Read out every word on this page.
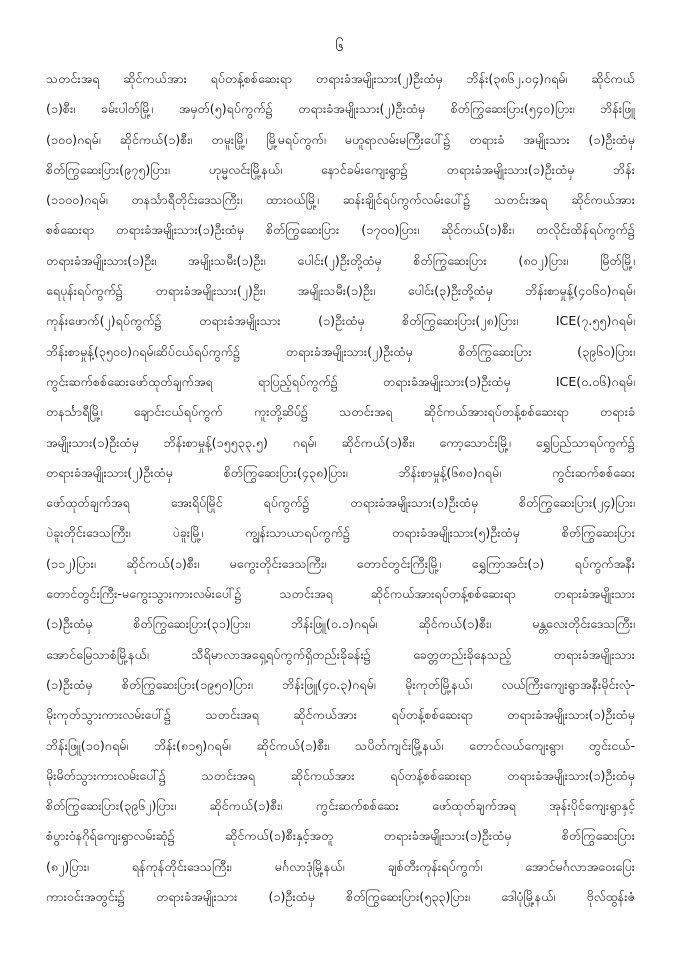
၆
သတင်းအရ ဆိုင်ကယ်အား ရပ်တန့်စစ်ဆေးရာ တရားခံအမျိုးသား(၂)ဦးထံမှ ဘိန်း(၃၈၆၂.၀၄)ဂရမ်၊ ဆိုင်ကယ်
(၁)စီး၊ ခမ်းပါတ်မြို့၊ အမှတ်(၅)ရပ်ကွက်၌ တရားခံအမျိုးသား(၂)ဦးထံမှ စိတ်ကြွဆေးပြား(၅၄၀)ပြား၊ ဘိန်းဖြူ
(၁၀၀)ဂရမ်၊ ဆိုင်ကယ်(၁)စီး၊ တမူးမြို့၊ မြို့မရပ်ကွက်၊ မဟူရာလမ်းမကြီးပေါ်၌ တရားခံ အမျိုးသား (၁)ဦးထံမှ
စိတ်ကြွဆေးပြား(၉၇၅)ပြား၊ ဟုမ္မလင်းမြို့နယ်၊ နောင်ခမ်းကျေးရွာ၌ တရားခံအမျိုးသား(၁)ဦးထံမှ ဘိန်း
(၁၁၀၀)ဂရမ်၊ တနင်္သာရီတိုင်းဒေသကြီး၊ ထားဝယ်မြို့၊ ဆန်းချိုင်ရပ်ကွက်လမ်းပေါ်၌ သတင်းအရ ဆိုင်ကယ်အား
စစ်ဆေးရာ တရားခံအမျိုးသား(၁)ဦးထံမှ စိတ်ကြွဆေးပြား (၁၇၀၀)ပြား၊ ဆိုင်ကယ်(၁)စီး၊ တလိုင်းထိန်ရပ်ကွက်၌
တရားခံအမျိုးသား(၁)ဦး၊ အမျိုးသမီး(၁)ဦး၊ ပေါင်း(၂)ဦးတို့ထံမှ စိတ်ကြွဆေးပြား (၈၀၂)ပြား၊ မြိတ်မြို့၊
ရေပုန်းရပ်ကွက်၌ တရားခံအမျိုးသား(၂)ဦး၊ အမျိုးသမီး(၁)ဦး၊ ပေါင်း(၃)ဦးတို့ထံမှ ဘိန်းစာမှုန့်(၄၀၆၀)ဂရမ်၊
ကုန်းဖောက်(၂)ရပ်ကွက်၌ တရားခံအမျိုးသား (၁)ဦးထံမှ စိတ်ကြွဆေးပြား(၂၈)ပြား၊ ICE(၇.၅၅)ဂရမ်၊
ဘိန်းစာမှုန့်(၃၅၀၀)ဂရမ်၊ဆိပ်ငယ်ရပ်ကွက်၌ တရားခံအမျိုးသား(၂)ဦးထံမှ စိတ်ကြွဆေးပြား (၃၉၆၀)ပြား၊
ကွင်းဆက်စစ်ဆေးဖော်ထုတ်ချက်အရ ရာပြည့်ရပ်ကွက်၌ တရားခံအမျိုးသား(၁)ဦးထံမှ ICE(၀.၀၆)ဂရမ်၊
တနင်္သာရီမြို့၊ ချောင်းငယ်ရပ်ကွက် ကူးတို့ဆိပ်၌ သတင်းအရ ဆိုင်ကယ်အားရပ်တန့်စစ်ဆေးရာ တရားခံ
အမျိုးသား(၁)ဦးထံမှ ဘိန်းစာမှုန့်(၁၅၅၃၃.၅) ဂရမ်၊ ဆိုင်ကယ်(၁)စီး၊ ကော့သောင်းမြို့၊ ရွှေပြည်သာရပ်ကွက်၌
တရားခံအမျိုးသား(၂)ဦးထံမှ စိတ်ကြွဆေးပြား(၄၃၈)ပြား၊ ဘိန်းစာမှုန့်(၆၈၀)ဂရမ်၊ ကွင်းဆက်စစ်ဆေး
ဖော်ထုတ်ချက်အရ အေးရိပ်မြိုင် ရပ်ကွက်၌ တရားခံအမျိုးသား(၁)ဦးထံမှ စိတ်ကြွဆေးပြား(၂၄)ပြား၊
ပဲခူးတိုင်းဒေသကြီး၊ ပဲခူးမြို့၊ ကျွန်းသာယာရပ်ကွက်၌ တရားခံအမျိုးသား(၅)ဦးထံမှ စိတ်ကြွဆေးပြား
(၁၁၂)ပြား၊ ဆိုင်ကယ်(၁)စီး၊ မကွေးတိုင်းဒေသကြီး၊ တောင်တွင်းကြီးမြို့၊ ရွှေကြာအင်း(၁) ရပ်ကွက်အနီး
တောင်တွင်းကြီး-မကွေးသွားကားလမ်းပေါ်၌ သတင်းအရ ဆိုင်ကယ်အားရပ်တန့်စစ်ဆေးရာ တရားခံအမျိုးသား
(၁)ဦးထံမှ စိတ်ကြွဆေးပြား(၃၁)ပြား၊ ဘိန်းဖြူ(၀.၁)ဂရမ်၊ ဆိုင်ကယ်(၁)စီး၊ မန္တလေးတိုင်းဒေသကြီး၊
အောင်မြေသာစံမြို့နယ်၊ သီရိမာလာအရှေ့ရပ်ကွက်ရှိတည်းခိုခန်း၌ ခေတ္တတည်းခိုနေသည့် တရားခံအမျိုးသား
(၁)ဦးထံမှ စိတ်ကြွဆေးပြား(၁၉၅၀)ပြား၊ ဘိန်းဖြူ(၄၀.၃)ဂရမ်၊ မိုးကုတ်မြို့နယ်၊ လယ်ကြီးကျေးရွာအနီးမိုင်းလုံ-
မိုးကုတ်သွားကားလမ်းပေါ်၌ သတင်းအရ ဆိုင်ကယ်အား ရပ်တန့်စစ်ဆေးရာ တရားခံအမျိုးသား(၁)ဦးထံမှ
ဘိန်းဖြူ(၁၀)ဂရမ်၊ ဘိန်း(၈၁၅)ဂရမ်၊ ဆိုင်ကယ်(၁)စီး၊ သပိတ်ကျင်းမြို့နယ်၊ တောင်လယ်ကျေးရွာ၊ တွင်းငယ်-
မိုးမိတ်သွားကားလမ်းပေါ်၌ သတင်းအရ ဆိုင်ကယ်အား ရပ်တန့်စစ်ဆေးရာ တရားခံအမျိုးသား(၁)ဦးထံမှ
စိတ်ကြွဆေးပြား(၃၉၆၂)ပြား၊ ဆိုင်ကယ်(၁)စီး၊ ကွင်းဆက်စစ်ဆေး ဖော်ထုတ်ချက်အရ အုန်းပိုင်ကျေးရွာနှင့်
စံပွားဝံနဂိုရ်ကျေးရွာလမ်းဆုံ၌ ဆိုင်ကယ်(၁)စီးနှင့်အတူ တရားခံအမျိုးသား(၁)ဦးထံမှ စိတ်ကြွဆေးပြား
(၈၂)ပြား၊ ရန်ကုန်တိုင်းဒေသကြီး၊ မင်္ဂလာဒုံမြို့နယ်၊ ချစ်တီးကုန်းရပ်ကွက်၊ အောင်မင်္ဂလာအဝေးပြေး
ကားဝင်းအတွင်း၌ တရားခံအမျိုးသား (၁)ဦးထံမှ စိတ်ကြွဆေးပြား(၅၃၃)ပြား၊ ဒေါပုံမြို့နယ်၊ ဗိုလ်ထွန်းဇံ
